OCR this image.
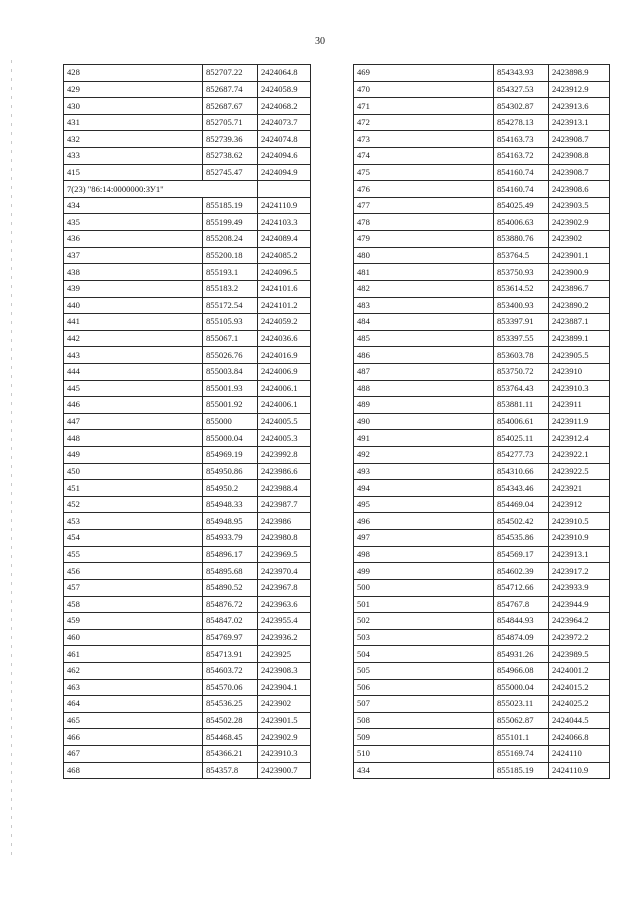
30
428	852707.22	2424064.8
429	852687.74	2424058.9
430	852687.67	2424068.2
431	852705.71	2424073.7
432	852739.36	2424074.8
433	852738.62	2424094.6
415	852745.47	2424094.9
7(23) "86:14:0000000:ЗУ1"		
434	855185.19	2424110.9
435	855199.49	2424103.3
436	855208.24	2424089.4
437	855200.18	2424085.2
438	855193.1	2424096.5
439	855183.2	2424101.6
440	855172.54	2424101.2
441	855105.93	2424059.2
442	855067.1	2424036.6
443	855026.76	2424016.9
444	855003.84	2424006.9
445	855001.93	2424006.1
446	855001.92	2424006.1
447	855000	2424005.5
448	855000.04	2424005.3
449	854969.19	2423992.8
450	854950.86	2423986.6
451	854950.2	2423988.4
452	854948.33	2423987.7
453	854948.95	2423986
454	854933.79	2423980.8
455	854896.17	2423969.5
456	854895.68	2423970.4
457	854890.52	2423967.8
458	854876.72	2423963.6
459	854847.02	2423955.4
460	854769.97	2423936.2
461	854713.91	2423925
462	854603.72	2423908.3
463	854570.06	2423904.1
464	854536.25	2423902
465	854502.28	2423901.5
466	854468.45	2423902.9
467	854366.21	2423910.3
468	854357.8	2423900.7
469	854343.93	2423898.9
470	854327.53	2423912.9
471	854302.87	2423913.6
472	854278.13	2423913.1
473	854163.73	2423908.7
474	854163.72	2423908.8
475	854160.74	2423908.7
476	854160.74	2423908.6
477	854025.49	2423903.5
478	854006.63	2423902.9
479	853880.76	2423902
480	853764.5	2423901.1
481	853750.93	2423900.9
482	853614.52	2423896.7
483	853400.93	2423890.2
484	853397.91	2423887.1
485	853397.55	2423899.1
486	853603.78	2423905.5
487	853750.72	2423910
488	853764.43	2423910.3
489	853881.11	2423911
490	854006.61	2423911.9
491	854025.11	2423912.4
492	854277.73	2423922.1
493	854310.66	2423922.5
494	854343.46	2423921
495	854469.04	2423912
496	854502.42	2423910.5
497	854535.86	2423910.9
498	854569.17	2423913.1
499	854602.39	2423917.2
500	854712.66	2423933.9
501	854767.8	2423944.9
502	854844.93	2423964.2
503	854874.09	2423972.2
504	854931.26	2423989.5
505	854966.08	2424001.2
506	855000.04	2424015.2
507	855023.11	2424025.2
508	855062.87	2424044.5
509	855101.1	2424066.8
510	855169.74	2424110
434	855185.19	2424110.9
